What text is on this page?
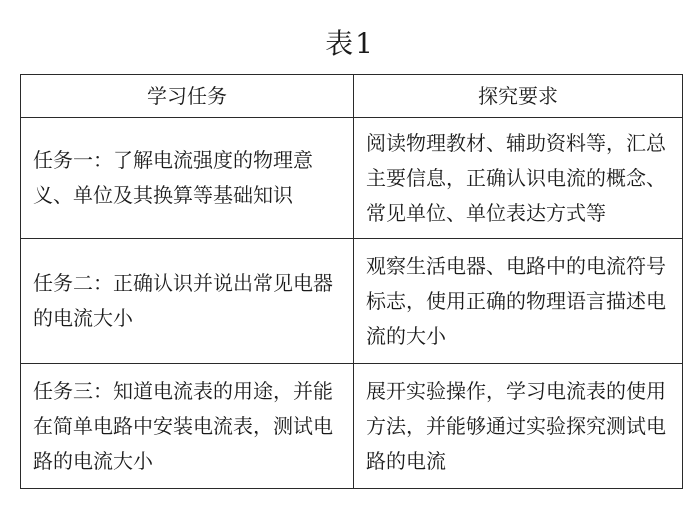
表1
学习任务	探究要求
任务一：了解电流强度的物理意义、单位及其换算等基础知识	阅读物理教材、辅助资料等，汇总主要信息，正确认识电流的概念、常见单位、单位表达方式等
任务二：正确认识并说出常见电器的电流大小	观察生活电器、电路中的电流符号标志，使用正确的物理语言描述电流的大小
任务三：知道电流表的用途，并能在简单电路中安装电流表，测试电路的电流大小	展开实验操作，学习电流表的使用方法，并能够通过实验探究测试电路的电流
